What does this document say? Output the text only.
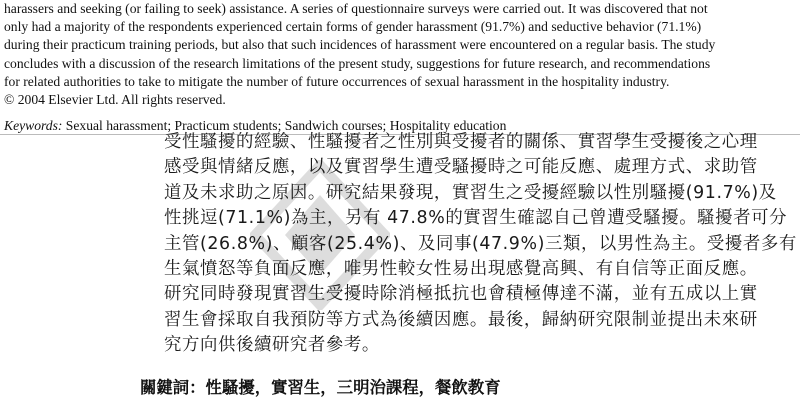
harassers and seeking (or failing to seek) assistance. A series of questionnaire surveys were carried out. It was discovered that not

only had a majority of the respondents experienced certain forms of gender harassment (91.7%) and seductive behavior (71.1%)

during their practicum training periods, but also that such incidences of harassment were encountered on a regular basis. The study

concludes with a discussion of the research limitations of the present study, suggestions for future research, and recommendations

for related authorities to take to mitigate the number of future occurrences of sexual harassment in the hospitality industry.

© 2004 Elsevier Ltd. All rights reserved.

Keywords: Sexual harassment; Practicum students; Sandwich courses; Hospitality education

受性騷擾的經驗、性騷擾者之性別與受擾者的關係、實習學生受擾後之心理

感受與情緒反應，以及實習學生遭受騷擾時之可能反應、處理方式、求助管

道及未求助之原因。研究結果發現，實習生之受擾經驗以性別騷擾(91.7%)及

性挑逗(71.1%)為主，另有 47.8%的實習生確認自己曾遭受騷擾。騷擾者可分

主管(26.8%)、顧客(25.4%)、及同事(47.9%)三類，以男性為主。受擾者多有

生氣憤怒等負面反應，唯男性較女性易出現感覺高興、有自信等正面反應。

研究同時發現實習生受擾時除消極抵抗也會積極傳達不滿，並有五成以上實

習生會採取自我預防等方式為後續因應。最後，歸納研究限制並提出未來研

究方向供後續研究者參考。

關鍵詞：性騷擾，實習生，三明治課程，餐飲教育
